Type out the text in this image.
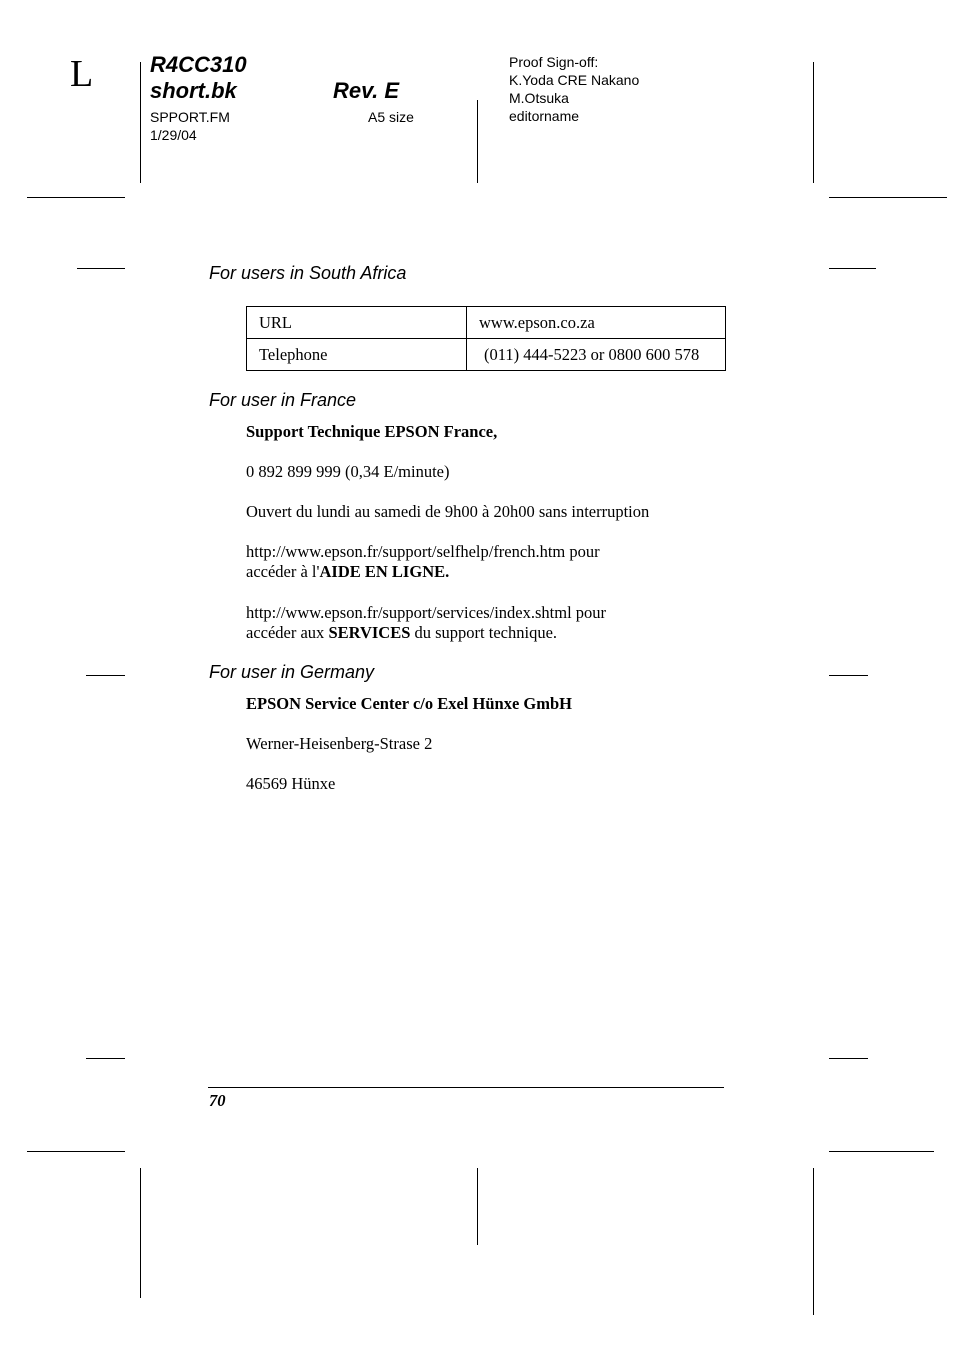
L	R4CC310
short.bk	Rev. E
SPPORT.FM
1/29/04
A5 size
Proof Sign-off:
K.Yoda CRE Nakano
M.Otsuka
editorname
For users in South Africa
URL	www.epson.co.za
Telephone	(011) 444-5223 or 0800 600 578
For user in France
Support Technique EPSON France,
0 892 899 999 (0,34 E/minute)
Ouvert du lundi au samedi de 9h00 à 20h00 sans interruption
http://www.epson.fr/support/selfhelp/french.htm pour
accéder à l'AIDE EN LIGNE.
http://www.epson.fr/support/services/index.shtml pour
accéder aux SERVICES du support technique.
For user in Germany
EPSON Service Center c/o Exel Hünxe GmbH
Werner-Heisenberg-Strase 2
46569 Hünxe
70
